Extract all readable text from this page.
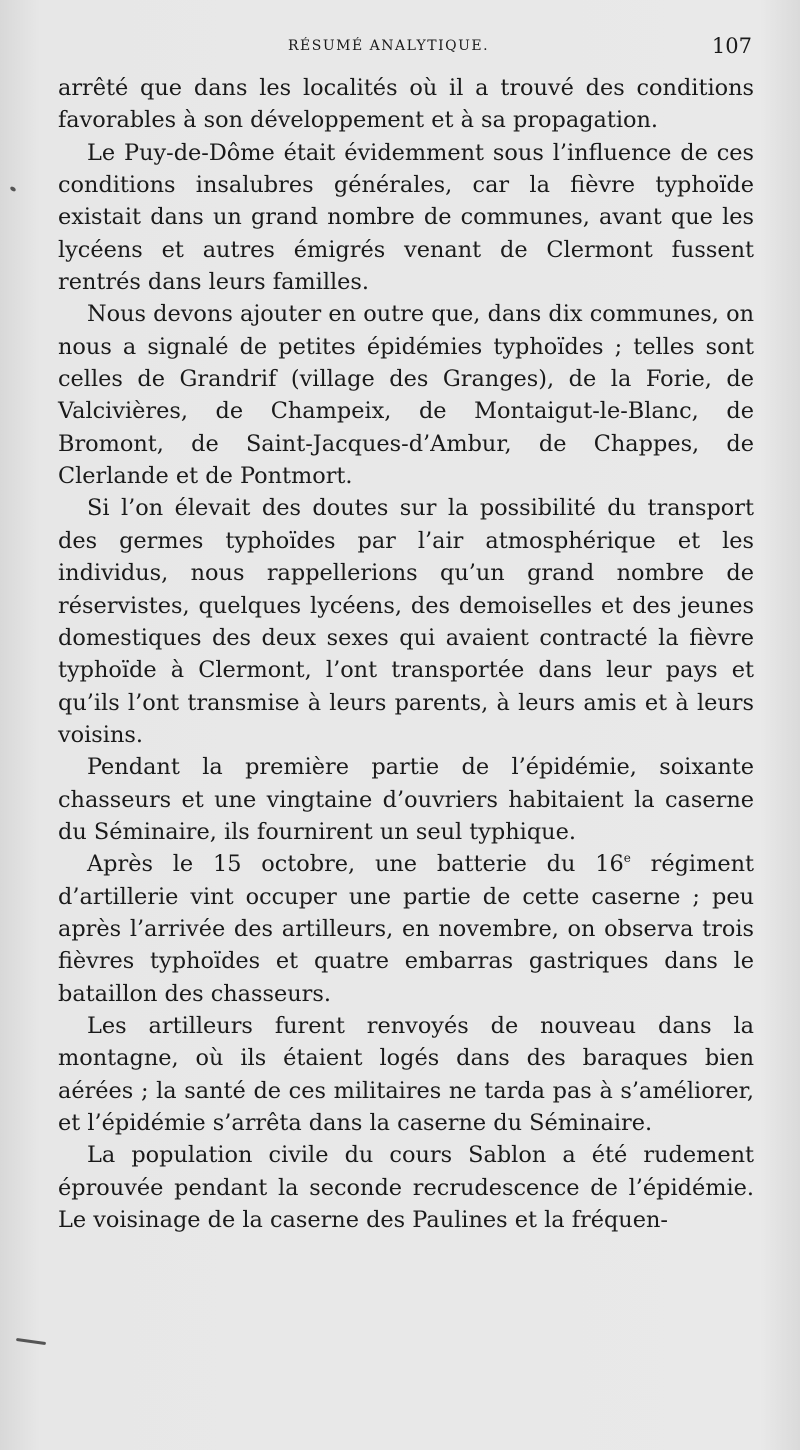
RÉSUMÉ ANALYTIQUE.	107

arrêté que dans les localités où il a trouvé des conditions favorables à son développement et à sa propagation.

Le Puy-de-Dôme était évidemment sous l’influence de ces conditions insalubres générales, car la fièvre typhoïde existait dans un grand nombre de communes, avant que les lycéens et autres émigrés venant de Clermont fussent rentrés dans leurs familles.

Nous devons ajouter en outre que, dans dix communes, on nous a signalé de petites épidémies typhoïdes ; telles sont celles de Grandrif (village des Granges), de la Forie, de Valcivières, de Champeix, de Montaigut-le-Blanc, de Bromont, de Saint-Jacques-d’Ambur, de Chappes, de Clerlande et de Pontmort.

Si l’on élevait des doutes sur la possibilité du transport des germes typhoïdes par l’air atmosphérique et les individus, nous rappellerions qu’un grand nombre de réservistes, quelques lycéens, des demoiselles et des jeunes domestiques des deux sexes qui avaient contracté la fièvre typhoïde à Clermont, l’ont transportée dans leur pays et qu’ils l’ont transmise à leurs parents, à leurs amis et à leurs voisins.

Pendant la première partie de l’épidémie, soixante chasseurs et une vingtaine d’ouvriers habitaient la caserne du Séminaire, ils fournirent un seul typhique.

Après le 15 octobre, une batterie du 16e régiment d’artillerie vint occuper une partie de cette caserne ; peu après l’arrivée des artilleurs, en novembre, on observa trois fièvres typhoïdes et quatre embarras gastriques dans le bataillon des chasseurs.

Les artilleurs furent renvoyés de nouveau dans la montagne, où ils étaient logés dans des baraques bien aérées ; la santé de ces militaires ne tarda pas à s’améliorer, et l’épidémie s’arrêta dans la caserne du Séminaire.

La population civile du cours Sablon a été rudement éprouvée pendant la seconde recrudescence de l’épidémie. Le voisinage de la caserne des Paulines et la fréquen-
